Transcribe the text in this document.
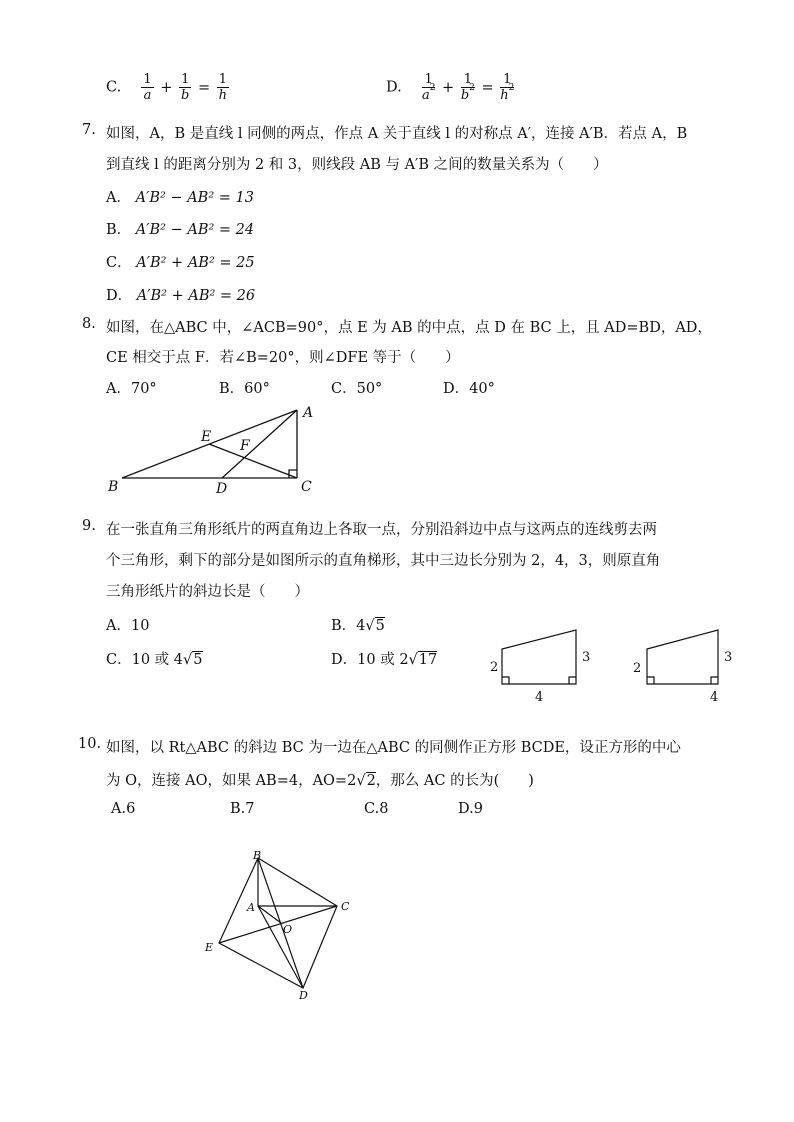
C. $\frac{1}{a} + \frac{1}{b} = \frac{1}{h}$	D. $\frac{1}{a^2} + \frac{1}{b^2} = \frac{1}{h^2}$
7. 如图，A，B 是直线 l 同侧的两点，作点 A 关于直线 l 的对称点 A′，连接 A′B．若点 A，B
到直线 l 的距离分别为 2 和 3，则线段 AB 与 A′B 之间的数量关系为（　　）
A． A′B² − AB² = 13
B． A′B² − AB² = 24
C． A′B² + AB² = 25
D． A′B² + AB² = 26
8. 如图，在△ABC 中，∠ACB=90°，点 E 为 AB 的中点，点 D 在 BC 上，且 AD=BD，AD，
CE 相交于点 F．若∠B=20°，则∠DFE 等于（　　）
A．70°	B．60°	C．50°	D．40°
A
B	C
D
E
F
9. 在一张直角三角形纸片的两直角边上各取一点，分别沿斜边中点与这两点的连线剪去两
个三角形，剩下的部分是如图所示的直角梯形，其中三边长分别为 2，4，3，则原直角
三角形纸片的斜边长是（　　）
A．10	B．4√5
C．10 或 4√5	D．10 或 2√17	2
4
3
2
4
3
10. 如图，以 Rt△ABC 的斜边 BC 为一边在△ABC 的同侧作正方形 BCDE，设正方形的中心
为 O，连接 AO，如果 AB=4，AO=2√2，那么 AC 的长为(　　)
A.6	B.7	C.8	D.9
B
C
A
O
E
D
